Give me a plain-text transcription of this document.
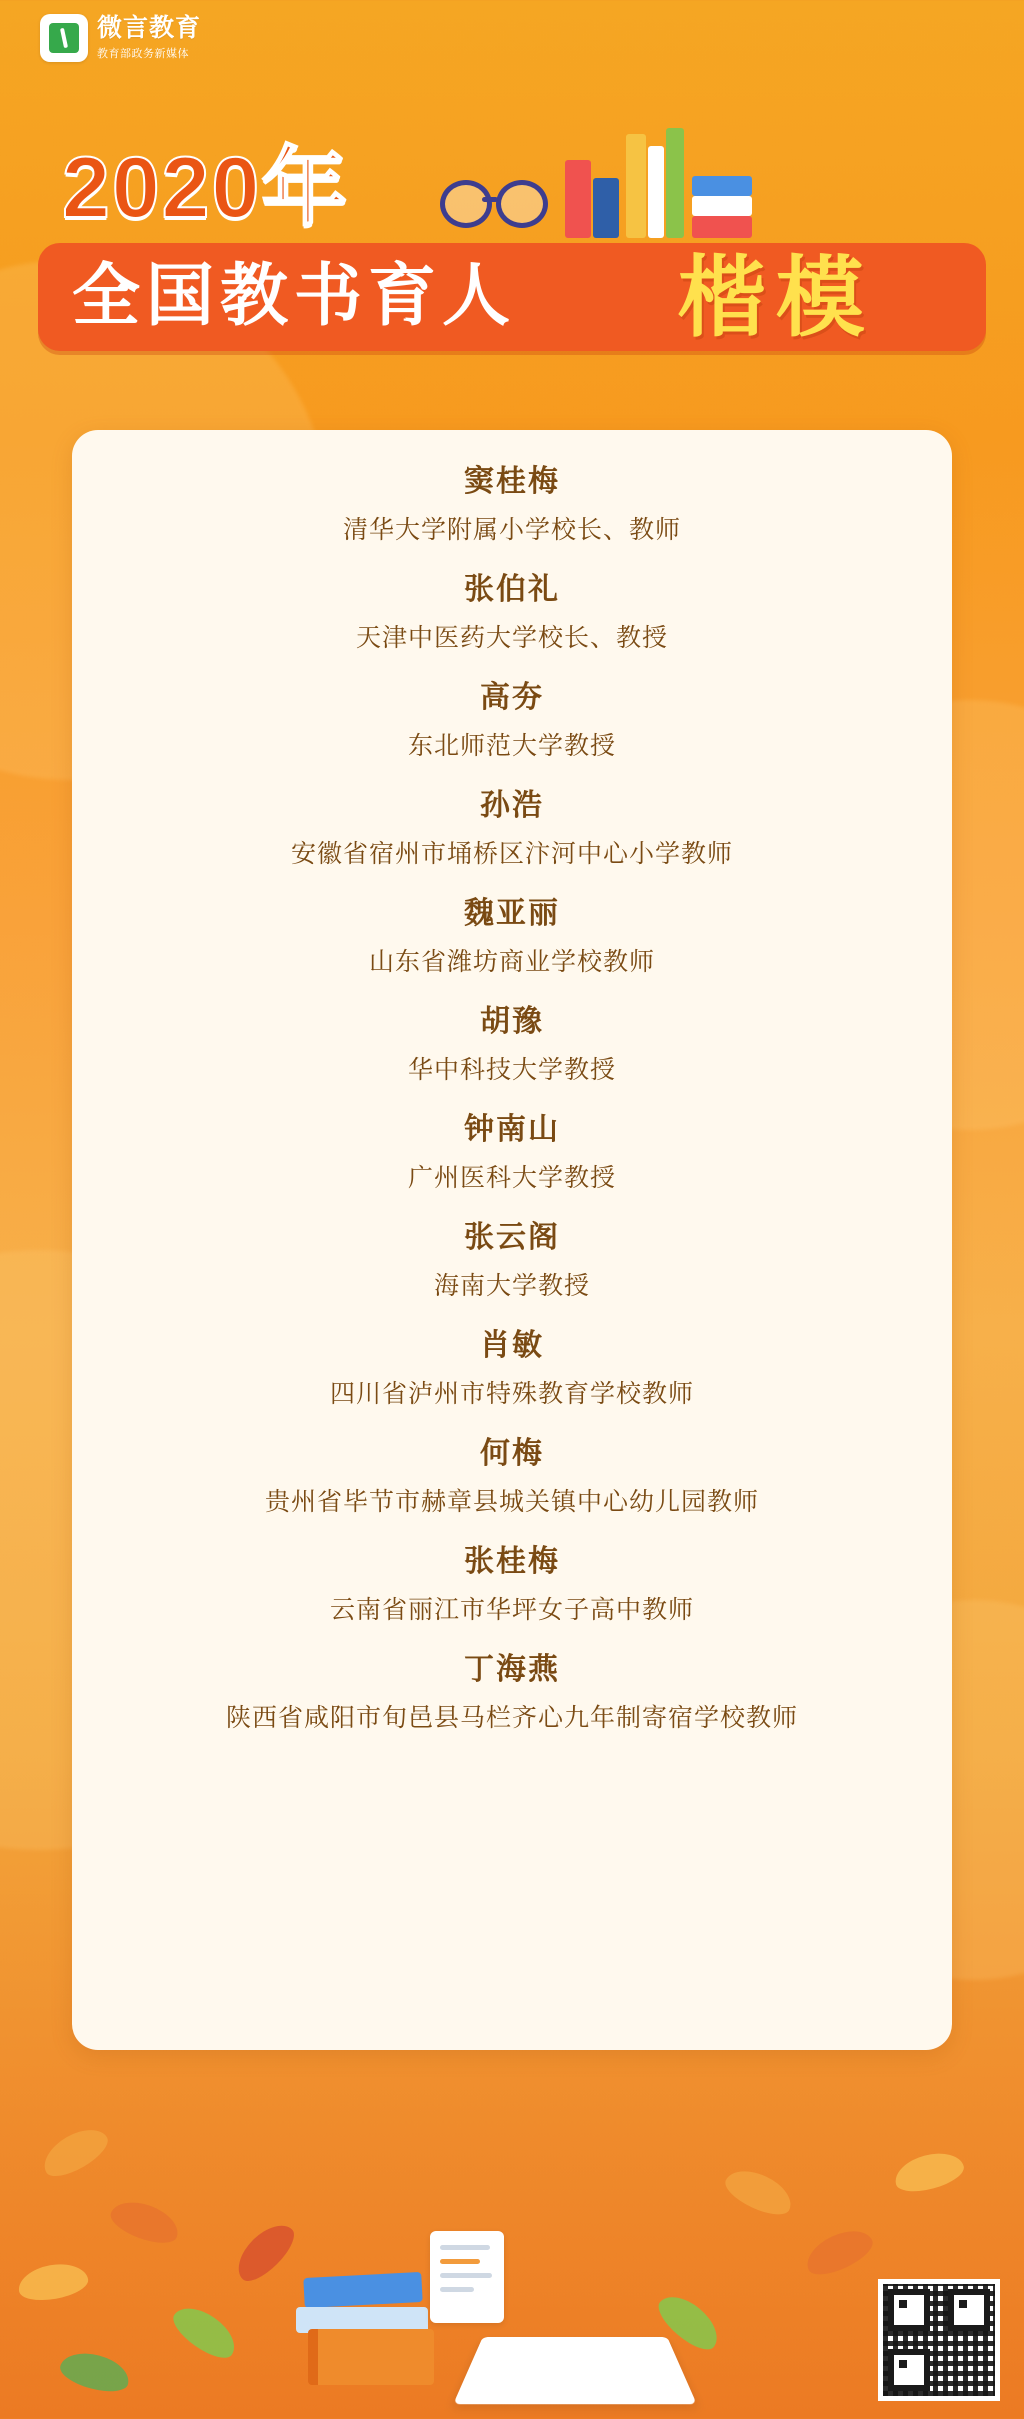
微言教育
教育部政务新媒体
2020年
全国教书育人 楷模
窦桂梅
清华大学附属小学校长、教师
张伯礼
天津中医药大学校长、教授
高夯
东北师范大学教授
孙浩
安徽省宿州市埇桥区汴河中心小学教师
魏亚丽
山东省潍坊商业学校教师
胡豫
华中科技大学教授
钟南山
广州医科大学教授
张云阁
海南大学教授
肖敏
四川省泸州市特殊教育学校教师
何梅
贵州省毕节市赫章县城关镇中心幼儿园教师
张桂梅
云南省丽江市华坪女子高中教师
丁海燕
陕西省咸阳市旬邑县马栏齐心九年制寄宿学校教师
